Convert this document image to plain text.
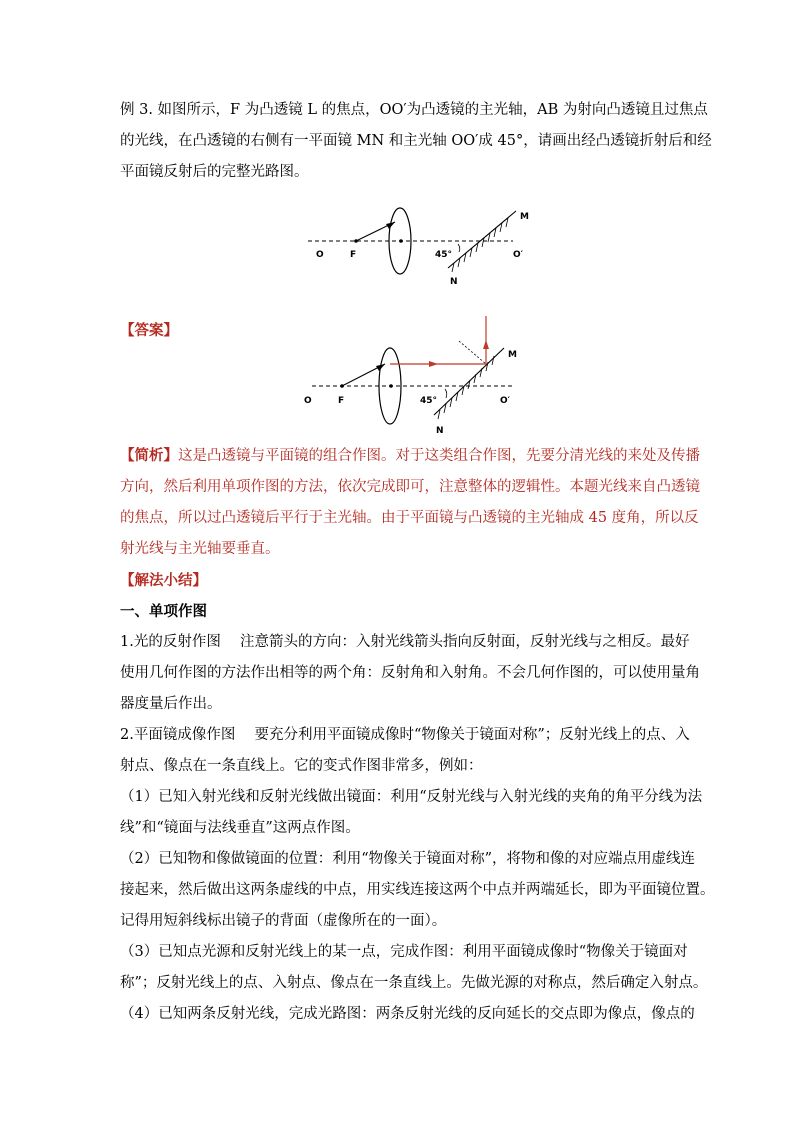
例 3. 如图所示，F 为凸透镜 L 的焦点，OO′为凸透镜的主光轴，AB 为射向凸透镜且过焦点
的光线，在凸透镜的右侧有一平面镜 MN 和主光轴 OO′成 45°，请画出经凸透镜折射后和经
平面镜反射后的完整光路图。

O	F	45°	O′
M
N
【答案】
O	F	45°	O′
M
N

【简析】这是凸透镜与平面镜的组合作图。对于这类组合作图，先要分清光线的来处及传播
方向，然后利用单项作图的方法，依次完成即可，注意整体的逻辑性。本题光线来自凸透镜
的焦点，所以过凸透镜后平行于主光轴。由于平面镜与凸透镜的主光轴成 45 度角，所以反
射光线与主光轴要垂直。

【解法小结】
一、单项作图

1.光的反射作图　 注意箭头的方向：入射光线箭头指向反射面，反射光线与之相反。最好
使用几何作图的方法作出相等的两个角：反射角和入射角。不会几何作图的，可以使用量角
器度量后作出。

2.平面镜成像作图　 要充分利用平面镜成像时“物像关于镜面对称”；反射光线上的点、入
射点、像点在一条直线上。它的变式作图非常多，例如：

（1）已知入射光线和反射光线做出镜面：利用“反射光线与入射光线的夹角的角平分线为法
线”和“镜面与法线垂直”这两点作图。

（2）已知物和像做镜面的位置：利用“物像关于镜面对称”，将物和像的对应端点用虚线连
接起来，然后做出这两条虚线的中点，用实线连接这两个中点并两端延长，即为平面镜位置。
记得用短斜线标出镜子的背面（虚像所在的一面）。

（3）已知点光源和反射光线上的某一点，完成作图：利用平面镜成像时“物像关于镜面对
称”；反射光线上的点、入射点、像点在一条直线上。先做光源的对称点，然后确定入射点。

（4）已知两条反射光线，完成光路图：两条反射光线的反向延长的交点即为像点，像点的
